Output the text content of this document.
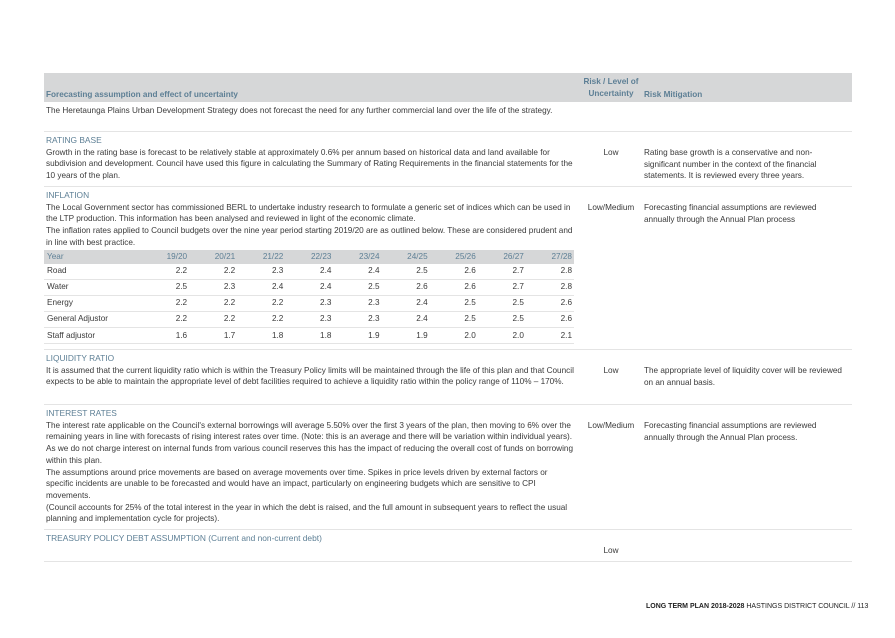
Forecasting assumption and effect of uncertainty
Risk / Level of
Uncertainty	Risk Mitigation
The Heretaunga Plains Urban Development Strategy does not forecast the need for any further commercial land over the life of the strategy.

RATING BASE

Growth in the rating base is forecast to be relatively stable at approximately 0.6% per annum based on historical data and land available for subdivision and development. Council have used this figure in calculating the Summary of Rating Requirements in the financial statements for the 10 years of the plan.

Low	Rating base growth is a conservative and non-significant number in the context of the financial statements. It is reviewed every three years.

INFLATION

The Local Government sector has commissioned BERL to undertake industry research to formulate a generic set of indices which can be used in the LTP production. This information has been analysed and reviewed in light of the economic climate.

The inflation rates applied to Council budgets over the nine year period starting 2019/20 are as outlined below. These are considered prudent and in line with best practice.

Year	19/20	20/21	21/22	22/23	23/24	24/25	25/26	26/27	27/28
Road	2.2	2.2	2.3	2.4	2.4	2.5	2.6	2.7	2.8
Water	2.5	2.3	2.4	2.4	2.5	2.6	2.6	2.7	2.8
Energy	2.2	2.2	2.2	2.3	2.3	2.4	2.5	2.5	2.6
General Adjustor	2.2	2.2	2.2	2.3	2.3	2.4	2.5	2.5	2.6
Staff adjustor	1.6	1.7	1.8	1.8	1.9	1.9	2.0	2.0	2.1
Low/Medium	Forecasting financial assumptions are reviewed annually through the Annual Plan process

LIQUIDITY RATIO

It is assumed that the current liquidity ratio which is within the Treasury Policy limits will be maintained through the life of this plan and that Council expects to be able to maintain the appropriate level of debt facilities required to achieve a liquidity ratio within the policy range of 110% – 170%.

Low	The appropriate level of liquidity cover will be reviewed on an annual basis.

INTEREST RATES

The interest rate applicable on the Council's external borrowings will average 5.50% over the first 3 years of the plan, then moving to 6% over the remaining years in line with forecasts of rising interest rates over time. (Note: this is an average and there will be variation within individual years). As we do not charge interest on internal funds from various council reserves this has the impact of reducing the overall cost of funds on borrowing within this plan.

The assumptions around price movements are based on average movements over time. Spikes in price levels driven by external factors or specific incidents are unable to be forecasted and would have an impact, particularly on engineering budgets which are sensitive to CPI movements.

(Council accounts for 25% of the total interest in the year in which the debt is raised, and the full amount in subsequent years to reflect the usual planning and implementation cycle for projects).

Low/Medium	Forecasting financial assumptions are reviewed annually through the Annual Plan process.

TREASURY POLICY DEBT ASSUMPTION (Current and non-current debt)

Low
LONG TERM PLAN 2018-2028 HASTINGS DISTRICT COUNCIL // 113
